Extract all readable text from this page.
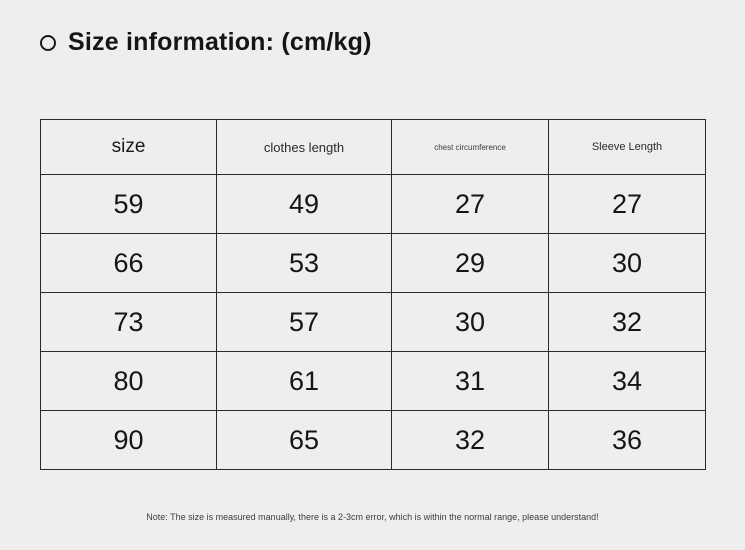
Size information: (cm/kg)
size	clothes length	chest circumference	Sleeve Length
59	49	27	27
66	53	29	30
73	57	30	32
80	61	31	34
90	65	32	36
Note: The size is measured manually, there is a 2-3cm error, which is within the normal range, please understand!
